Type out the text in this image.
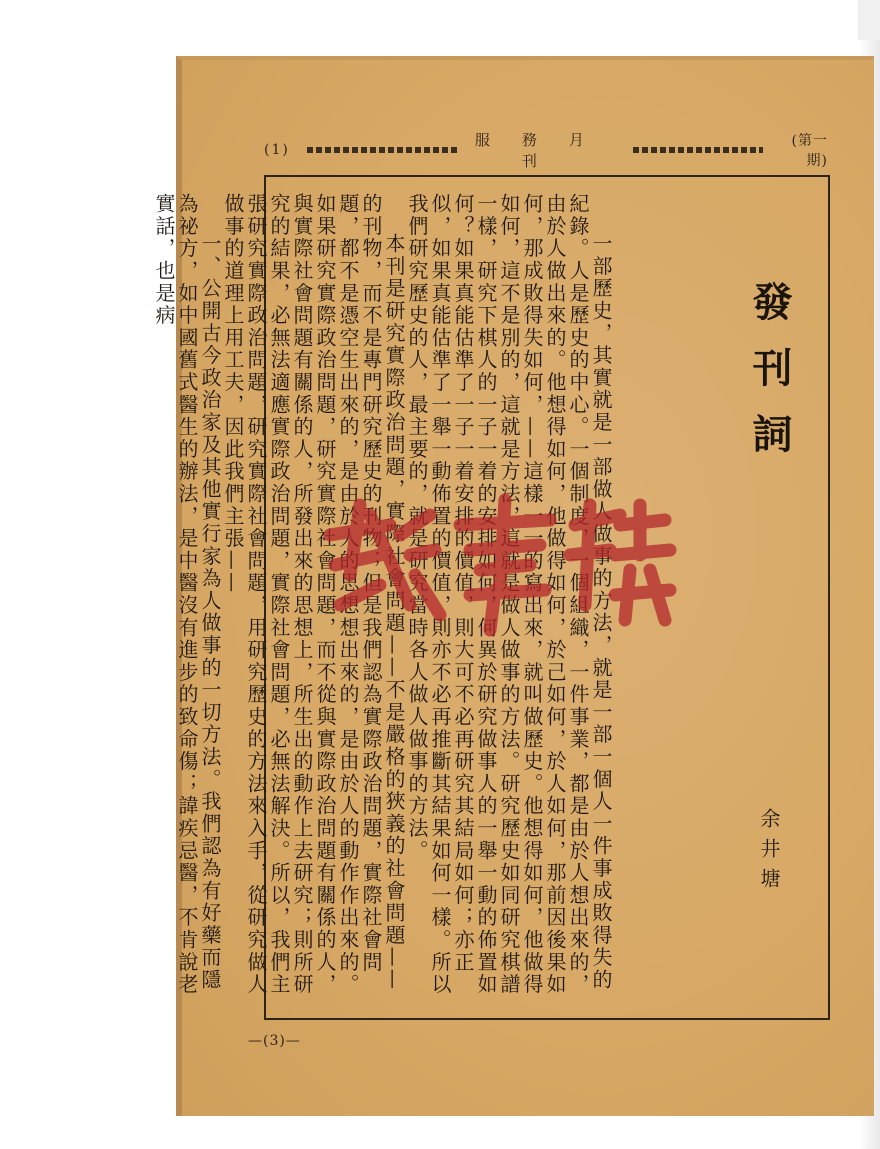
(1)
服務月刊
(第一期)
發刊詞
余井塘

一部歷史，其實就是一部做人做事的方法，就是一部一個人一件事成敗得失的紀錄。人是歷史的中心。一個制度，一個組織，一件事業，都是由於人想出來的，由於人做出來的。他想得如何，他做得如何，於己如何，於人如何，那前因後果如何，那成敗得失如何，——這樣一一的寫出來，就叫做歷史。他想得如何，他做得如何，這不是別的，這就是方法，這就是做人做事的方法。研究歷史如同研究棋譜一樣，研究下棋人的一子一着的安排如何，何異於研究做事人的一舉一動的佈置如何？如果真能估準了一子一着安排的價值，則大可不必再研究其結局如何；亦正似，如果真能估準了一舉一動佈置的價值，則亦不必再推斷其結果如何一樣。所以我們研究歷史的人，最主要的，就是研究當時各人做人做事的方法。

本刊是研究實際政治問題，實際社會問題——不是嚴格的狹義的社會問題——的刊物，而不是專門研究歷史的刊物；但是我們認為實際政治問題，實際社會問題，都不是憑空生出來的，是由於人的思想想出來的，是由於人的動作作出來的。如果研究實際政治問題，研究實際社會問題，而不從與實際政治問題有關係的人，與實際社會問題有關係的人，所發出來的思想上，所生出的動作上去研究；則所研究的結果，必無法適應實際政治問題，實際社會問題，必無法解決。所以，我們主張研究實際政治問題，研究實際社會問題，用研究歷史的方法來入手，從研究做人做事的道理上用工夫，因此我們主張——

一、公開古今政治家及其他實行家為人做事的一切方法。我們認為有好藥而隱為祕方，如中國舊式醫生的辦法，是中醫沒有進步的致命傷；諱疾忌醫，不肯說老實話，也是病

—(3)—
